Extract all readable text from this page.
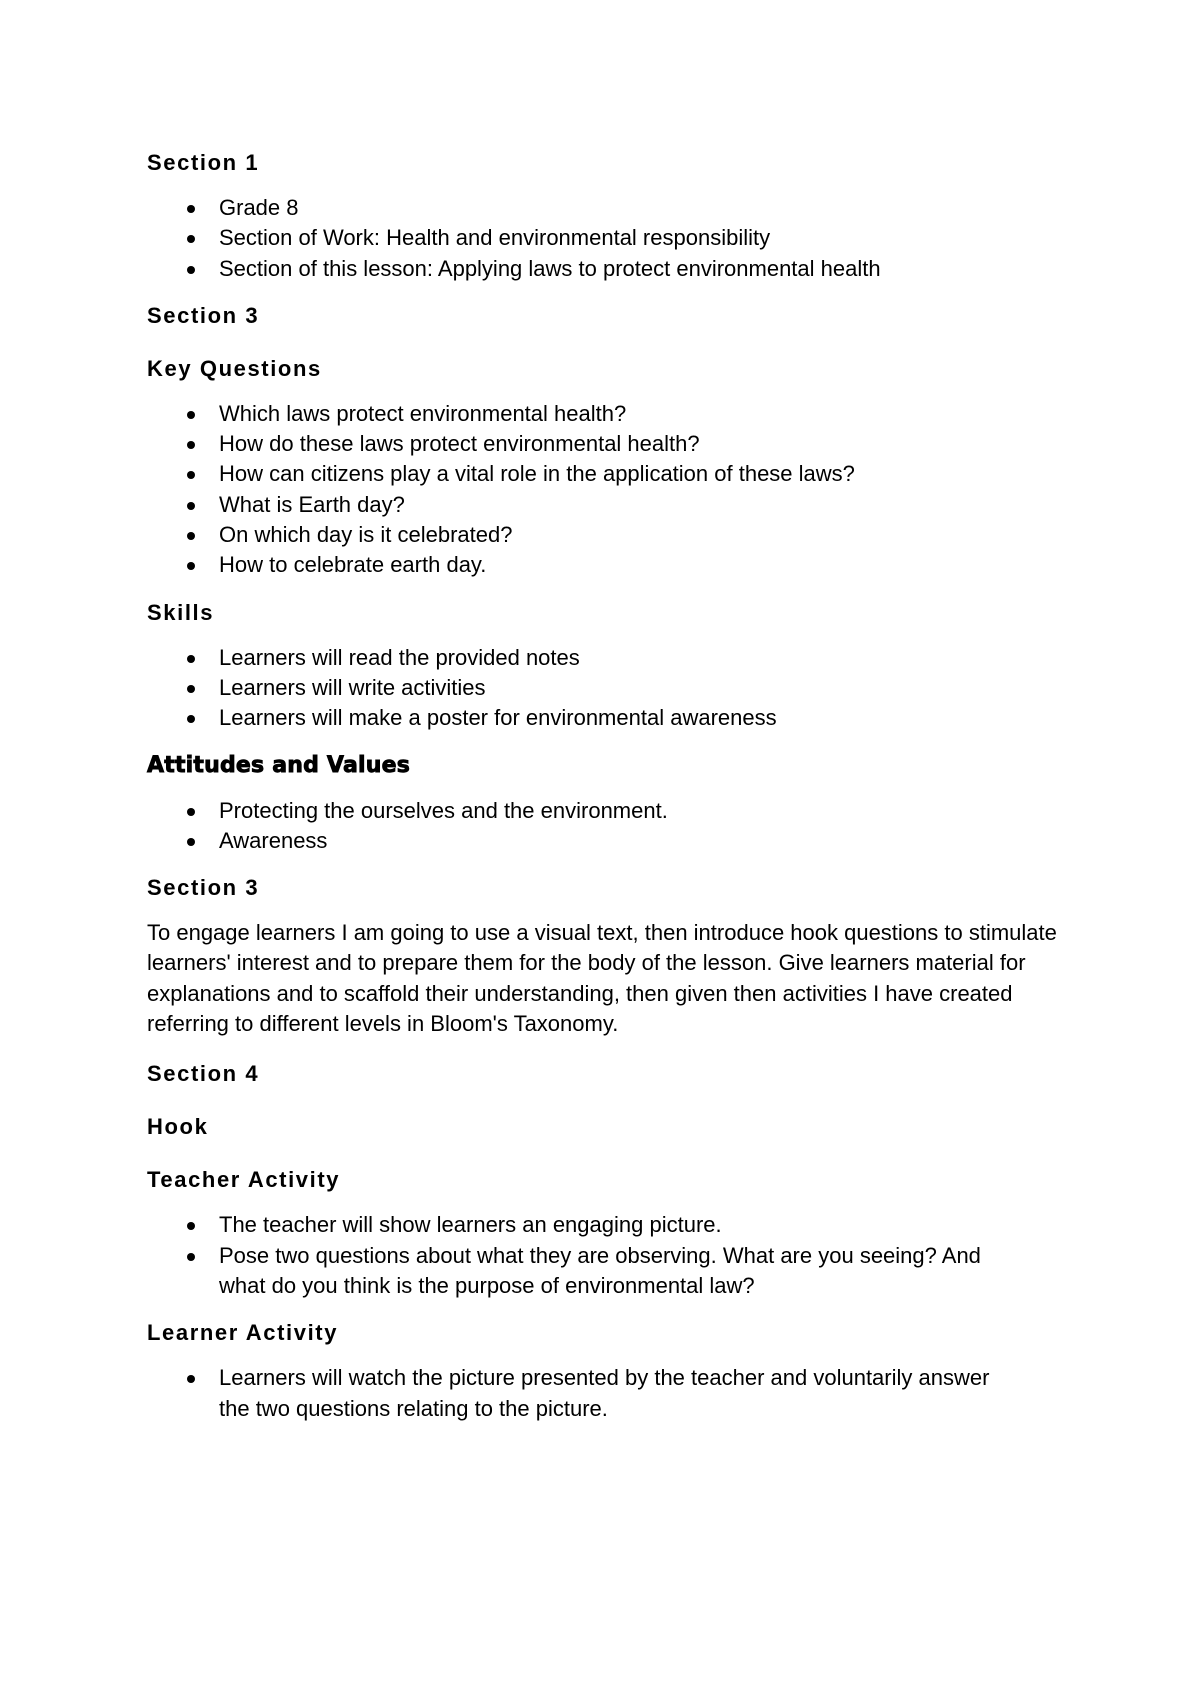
Section 1
Grade 8
Section of Work: Health and environmental responsibility
Section of this lesson: Applying laws to protect environmental health
Section 3
Key Questions
Which laws protect environmental health?
How do these laws protect environmental health?
How can citizens play a vital role in the application of these laws?
What is Earth day?
On which day is it celebrated?
How to celebrate earth day.
Skills
Learners will read the provided notes
Learners will write activities
Learners will make a poster for environmental awareness
Attitudes and Values
Protecting the ourselves and the environment.
Awareness
Section 3

To engage learners I am going to use a visual text, then introduce hook questions to stimulate learners' interest and to prepare them for the body of the lesson. Give learners material for explanations and to scaffold their understanding, then given then activities I have created referring to different levels in Bloom's Taxonomy.

Section 4
Hook
Teacher Activity
The teacher will show learners an engaging picture.
Pose two questions about what they are observing. What are you seeing? And what do you think is the purpose of environmental law?
Learner Activity
Learners will watch the picture presented by the teacher and voluntarily answer the two questions relating to the picture.
